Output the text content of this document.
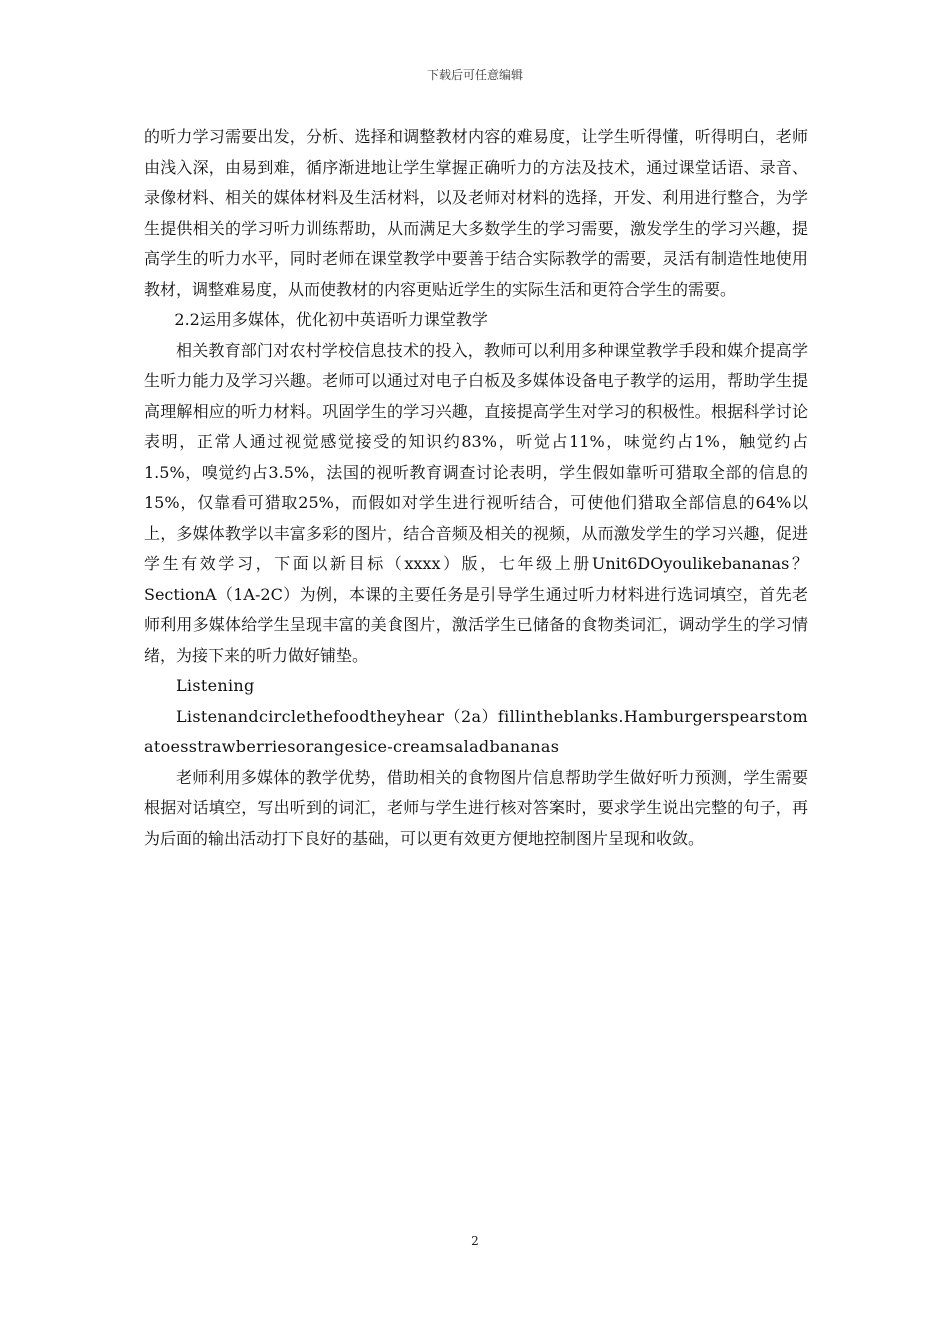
下载后可任意编辑

的听力学习需要出发，分析、选择和调整教材内容的难易度，让学生听得懂，听得明白，老师由浅入深，由易到难，循序渐进地让学生掌握正确听力的方法及技术，通过课堂话语、录音、录像材料、相关的媒体材料及生活材料，以及老师对材料的选择，开发、利用进行整合，为学生提供相关的学习听力训练帮助，从而满足大多数学生的学习需要，激发学生的学习兴趣，提高学生的听力水平，同时老师在课堂教学中要善于结合实际教学的需要，灵活有制造性地使用教材，调整难易度，从而使教材的内容更贴近学生的实际生活和更符合学生的需要。

2.2运用多媒体，优化初中英语听力课堂教学

相关教育部门对农村学校信息技术的投入，教师可以利用多种课堂教学手段和媒介提高学生听力能力及学习兴趣。老师可以通过对电子白板及多媒体设备电子教学的运用，帮助学生提高理解相应的听力材料。巩固学生的学习兴趣，直接提高学生对学习的积极性。根据科学讨论表明，正常人通过视觉感觉接受的知识约83%，听觉占11%，味觉约占1%，触觉约占1.5%，嗅觉约占3.5%，法国的视听教育调查讨论表明，学生假如靠听可猎取全部的信息的15%，仅靠看可猎取25%，而假如对学生进行视听结合，可使他们猎取全部信息的64%以上，多媒体教学以丰富多彩的图片，结合音频及相关的视频，从而激发学生的学习兴趣，促进学生有效学习，下面以新目标（xxxx）版，七年级上册Unit6DOyoulikebananas？SectionA（1A-2C）为例，本课的主要任务是引导学生通过听力材料进行选词填空，首先老师利用多媒体给学生呈现丰富的美食图片，激活学生已储备的食物类词汇，调动学生的学习情绪，为接下来的听力做好铺垫。

Listening

Listenandcirclethefoodtheyhear（2a）fillintheblanks.Hamburgerspearstomatoesstrawberriesorangesice-creamsaladbananas

老师利用多媒体的教学优势，借助相关的食物图片信息帮助学生做好听力预测，学生需要根据对话填空，写出听到的词汇，老师与学生进行核对答案时，要求学生说出完整的句子，再为后面的输出活动打下良好的基础，可以更有效更方便地控制图片呈现和收敛。

2
